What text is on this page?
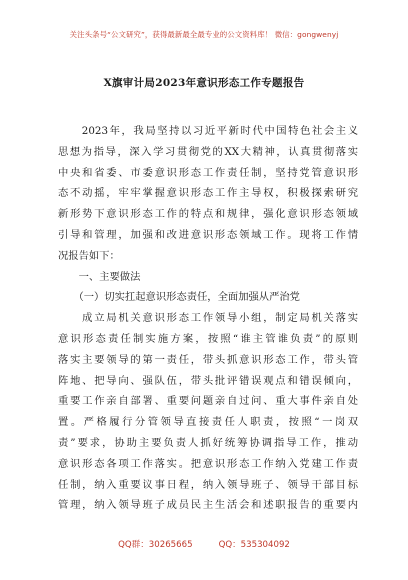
关注头条号“公文研究”，获得最新最全最专业的公文资料库！ 微信：gongwenyj
X旗审计局2023年意识形态工作专题报告
　　2023年，我局坚持以习近平新时代中国特色社会主义
思想为指导，深入学习贯彻党的XX大精神，认真贯彻落实
中央和省委、市委意识形态工作责任制，坚持党管意识形
态不动摇，牢牢掌握意识形态工作主导权，积极探索研究
新形势下意识形态工作的特点和规律，强化意识形态领域
引导和管理，加强和改进意识形态领域工作。现将工作情
况报告如下：
　　一、主要做法
　　（一）切实扛起意识形态责任，全面加强从严治党
　　成立局机关意识形态工作领导小组，制定局机关落实
意识形态责任制实施方案，按照“谁主管谁负责”的原则
落实主要领导的第一责任，带头抓意识形态工作，带头管
阵地、把导向、强队伍，带头批评错误观点和错误倾向，
重要工作亲自部署、重要问题亲自过问、重大事件亲自处
置。严格履行分管领导直接责任人职责，按照“一岗双
责”要求，协助主要负责人抓好统筹协调指导工作，推动
意识形态各项工作落实。把意识形态工作纳入党建工作责
任制，纳入重要议事日程，纳入领导班子、领导干部目标
管理，纳入领导班子成员民主生活会和述职报告的重要内
QQ群：30265665	QQ：535304092
